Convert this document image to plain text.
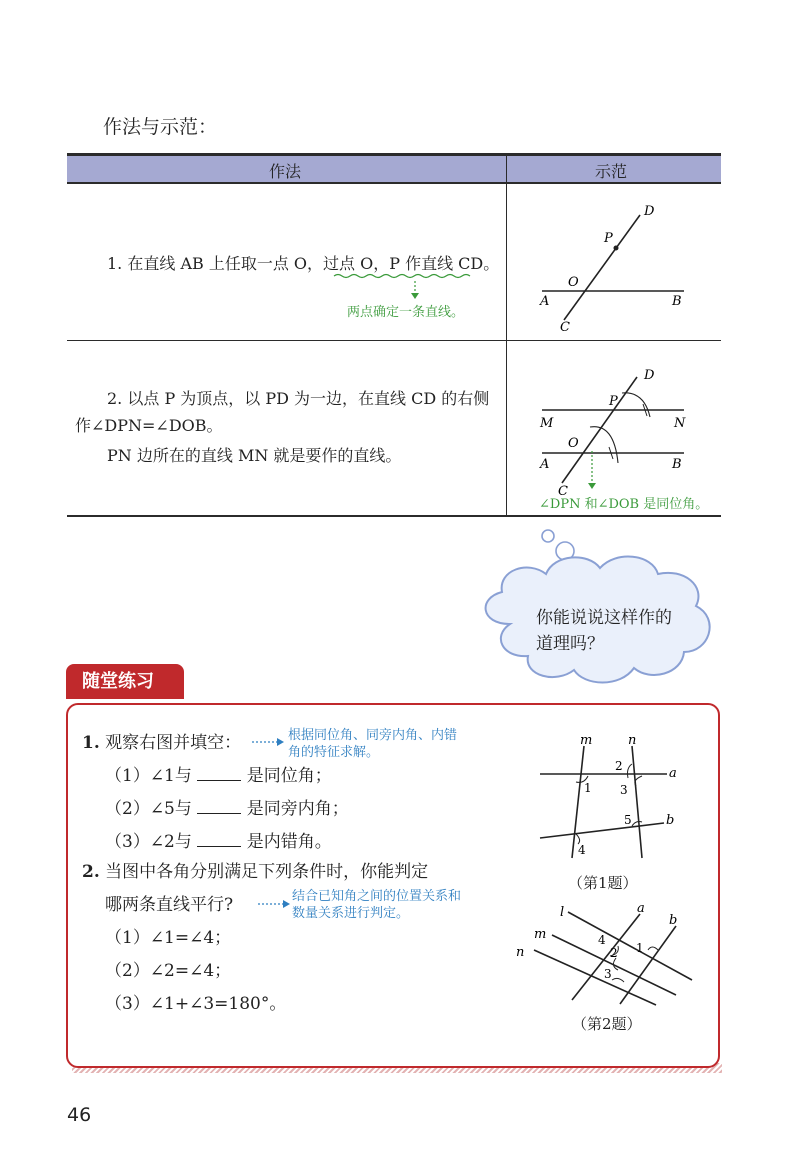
作法与示范：
作法	示范
1. 在直线 AB 上任取一点 O，过点 O，P 作直线 CD。
两点确定一条直线。
D
P
O
A	B
C
2. 以点 P 为顶点，以 PD 为一边，在直线 CD 的右侧
作∠DPN=∠DOB。
PN 边所在的直线 MN 就是要作的直线。
D
P
M	N
O
A	B
C
∠DPN 和∠DOB 是同位角。
你能说说这样作的
道理吗？
随堂练习
1. 观察右图并填空：	根据同位角、同旁内角、内错
角的特征求解。
（1）∠1与	是同位角；
（2）∠5与	是同旁内角；
（3）∠2与	是内错角。
m	n
a
b
1
2
3
4
5
（第1题）
2. 当图中各角分别满足下列条件时，你能判定
哪两条直线平行?	结合已知角之间的位置关系和
数量关系进行判定。
（1）∠1=∠4；
（2）∠2=∠4；
（3）∠1+∠3=180°。
l
m
n
a
b
1
2
3
4
（第2题）
46
